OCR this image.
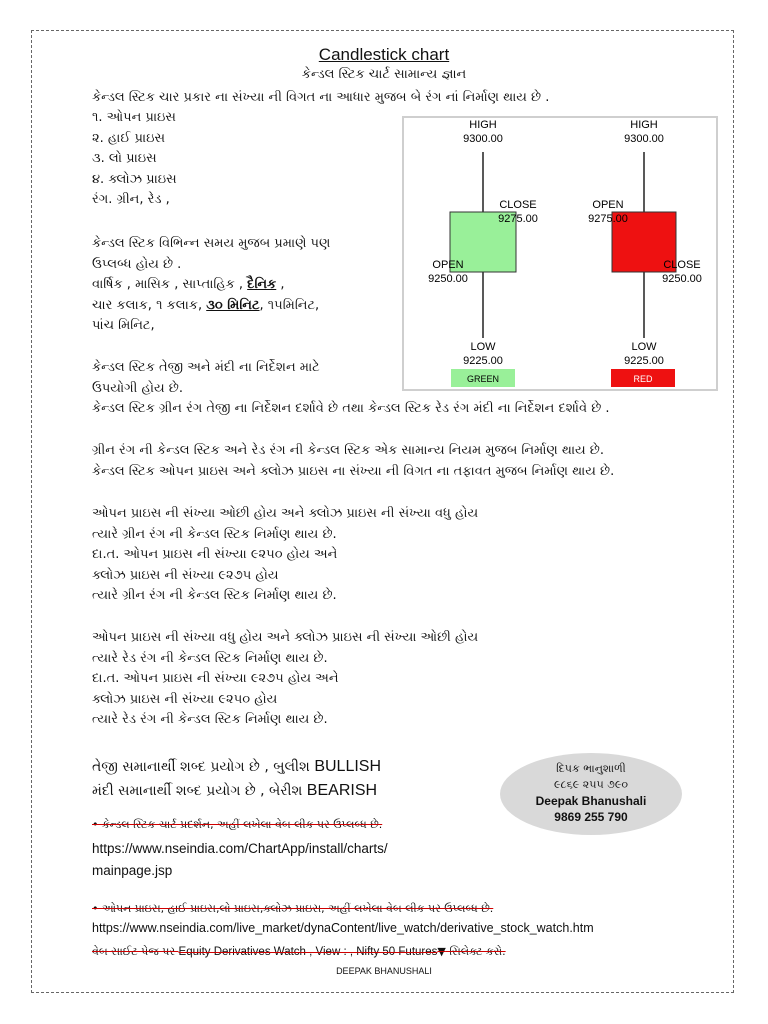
Candlestick chart
કેન્ડલ સ્ટિક ચાર્ટ સામાન્ય જ્ઞાન
કેન્ડલ સ્ટિક ચાર પ્રકાર ના સંખ્યા ની વિગત ના આધાર મુજબ બે રંગ નાં નિર્માણ થાય છે .
૧. ઓપન પ્રાઇસ
૨. હાઈ પ્રાઇસ
૩. લો પ્રાઇસ
૪. ક્લોઝ પ્રાઇસ
રંગ. ગ્રીન, રેડ ,
કેન્ડલ સ્ટિક વિભિન્ન સમય મુજબ પ્રમાણે પણ
ઉપ્લબ્ધ હોય છે .
વાર્ષિક , માસિક , સાપ્તાહિક , દૈનિક ,
ચાર કલાક, ૧ કલાક, ૩૦ મિનિટ, ૧૫મિનિટ,
પાંચ મિનિટ,
કેન્ડલ સ્ટિક તેજી અને મંદી ના નિર્દેશન માટે
ઉપયોગી હોય છે.
કેન્ડલ સ્ટિક ગ્રીન રંગ તેજી ના નિર્દેશન દર્શાવે છે તથા કેન્ડલ સ્ટિક રેડ રંગ મંદી ના નિર્દેશન દર્શાવે છે .
ગ્રીન રંગ ની કેન્ડલ સ્ટિક અને રેડ રંગ ની કેન્ડલ સ્ટિક એક સામાન્ય નિયમ મુજબ નિર્માણ થાય છે.
કેન્ડલ સ્ટિક ઓપન પ્રાઇસ અને ક્લોઝ પ્રાઇસ ના સંખ્યા ની વિગત ના તફાવત મુજબ નિર્માણ થાય છે.
ઓપન પ્રાઇસ ની સંખ્યા ઓછી હોય અને ક્લોઝ પ્રાઇસ ની સંખ્યા વધુ હોય
ત્યારે ગ્રીન રંગ ની કેન્ડલ સ્ટિક નિર્માણ થાય છે.
દા.ત. ઓપન પ્રાઇસ ની સંખ્યા ૯૨૫૦ હોય અને
ક્લોઝ પ્રાઇસ ની સંખ્યા ૯૨૭૫ હોય
ત્યારે ગ્રીન રંગ ની કેન્ડલ સ્ટિક નિર્માણ થાય છે.
ઓપન પ્રાઇસ ની સંખ્યા વધુ હોય અને ક્લોઝ પ્રાઇસ ની સંખ્યા ઓછી હોય
ત્યારે રેડ રંગ ની કેન્ડલ સ્ટિક નિર્માણ થાય છે.
દા.ત. ઓપન પ્રાઇસ ની સંખ્યા ૯૨૭૫ હોય અને
ક્લોઝ પ્રાઇસ ની સંખ્યા ૯૨૫૦ હોય
ત્યારે રેડ રંગ ની કેન્ડલ સ્ટિક નિર્માણ થાય છે.
તેજી સમાનાર્થી શબ્દ પ્રયોગ છે , બુલીશ BULLISH
મંદી સમાનાર્થી શબ્દ પ્રયોગ છે , બેરીશ BEARISH
દિપક ભાનુશાળી
૯૮૬૯ ૨૫૫ ૭૯૦
Deepak Bhanushali
9869 255 790
• કેન્ડલ સ્ટિક ચાર્ટ પ્રદર્શન, અહીં લખેલા વેબ લીક પર ઉપ્લબ્ધ છે.
https://www.nseindia.com/ChartApp/install/charts/
mainpage.jsp
• ઓપન પ્રાઇસ, હાઈ પ્રાઇસ,લો પ્રાઇસ,ક્લોઝ પ્રાઇસ, અહીં લખેલા વેબ લીક પર ઉપ્લબ્ધ છે.
https://www.nseindia.com/live_market/dynaContent/live_watch/derivative_stock_watch.htm
વેબ સાઈટ પેજ પર Equity Derivatives Watch , View : , Nifty 50 Futures▼ સિલેક્ટ કરો.
DEEPAK BHANUSHALI
HIGH
9300.00
CLOSE
9275.00
OPEN
9250.00
LOW
9225.00
GREEN
HIGH
9300.00
OPEN
9275.00
CLOSE
9250.00
LOW
9225.00
RED
